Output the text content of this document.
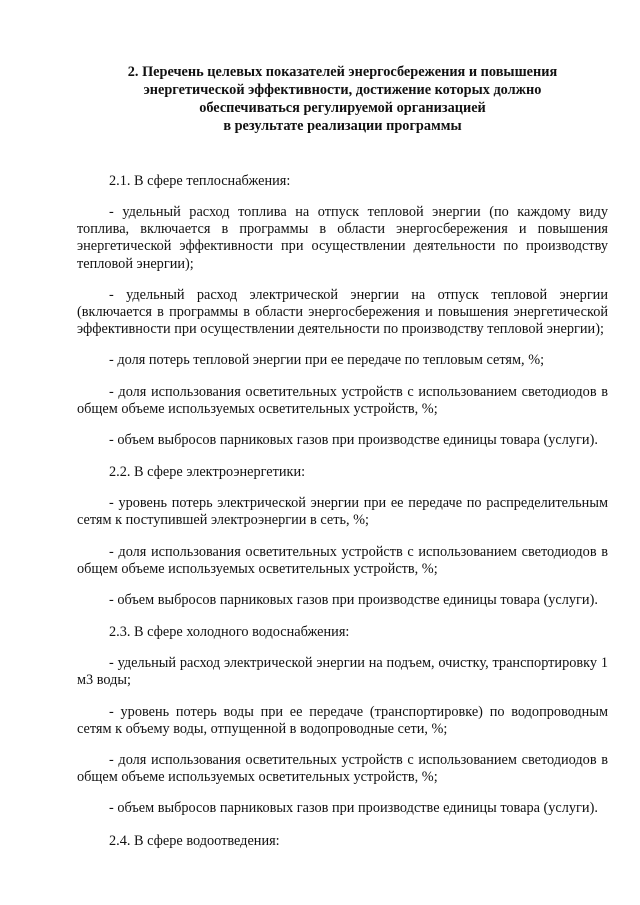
2. Перечень целевых показателей энергосбережения и повышения
энергетической эффективности, достижение которых должно
обеспечиваться регулируемой организацией
в результате реализации программы

2.1. В сфере теплоснабжения:

- удельный расход топлива на отпуск тепловой энергии (по каждому виду топлива, включается в программы в области энергосбережения и повышения энергетической эффективности при осуществлении деятельности по производству тепловой энергии);

- удельный расход электрической энергии на отпуск тепловой энергии (включается в программы в области энергосбережения и повышения энергетической эффективности при осуществлении деятельности по производству тепловой энергии);

- доля потерь тепловой энергии при ее передаче по тепловым сетям, %;

- доля использования осветительных устройств с использованием светодиодов в общем объеме используемых осветительных устройств, %;

- объем выбросов парниковых газов при производстве единицы товара (услуги).

2.2. В сфере электроэнергетики:

- уровень потерь электрической энергии при ее передаче по распределительным сетям к поступившей электроэнергии в сеть, %;

- доля использования осветительных устройств с использованием светодиодов в общем объеме используемых осветительных устройств, %;

- объем выбросов парниковых газов при производстве единицы товара (услуги).

2.3. В сфере холодного водоснабжения:

- удельный расход электрической энергии на подъем, очистку, транспортировку 1 м3 воды;

- уровень потерь воды при ее передаче (транспортировке) по водопроводным сетям к объему воды, отпущенной в водопроводные сети, %;

- доля использования осветительных устройств с использованием светодиодов в общем объеме используемых осветительных устройств, %;

- объем выбросов парниковых газов при производстве единицы товара (услуги).

2.4. В сфере водоотведения:
